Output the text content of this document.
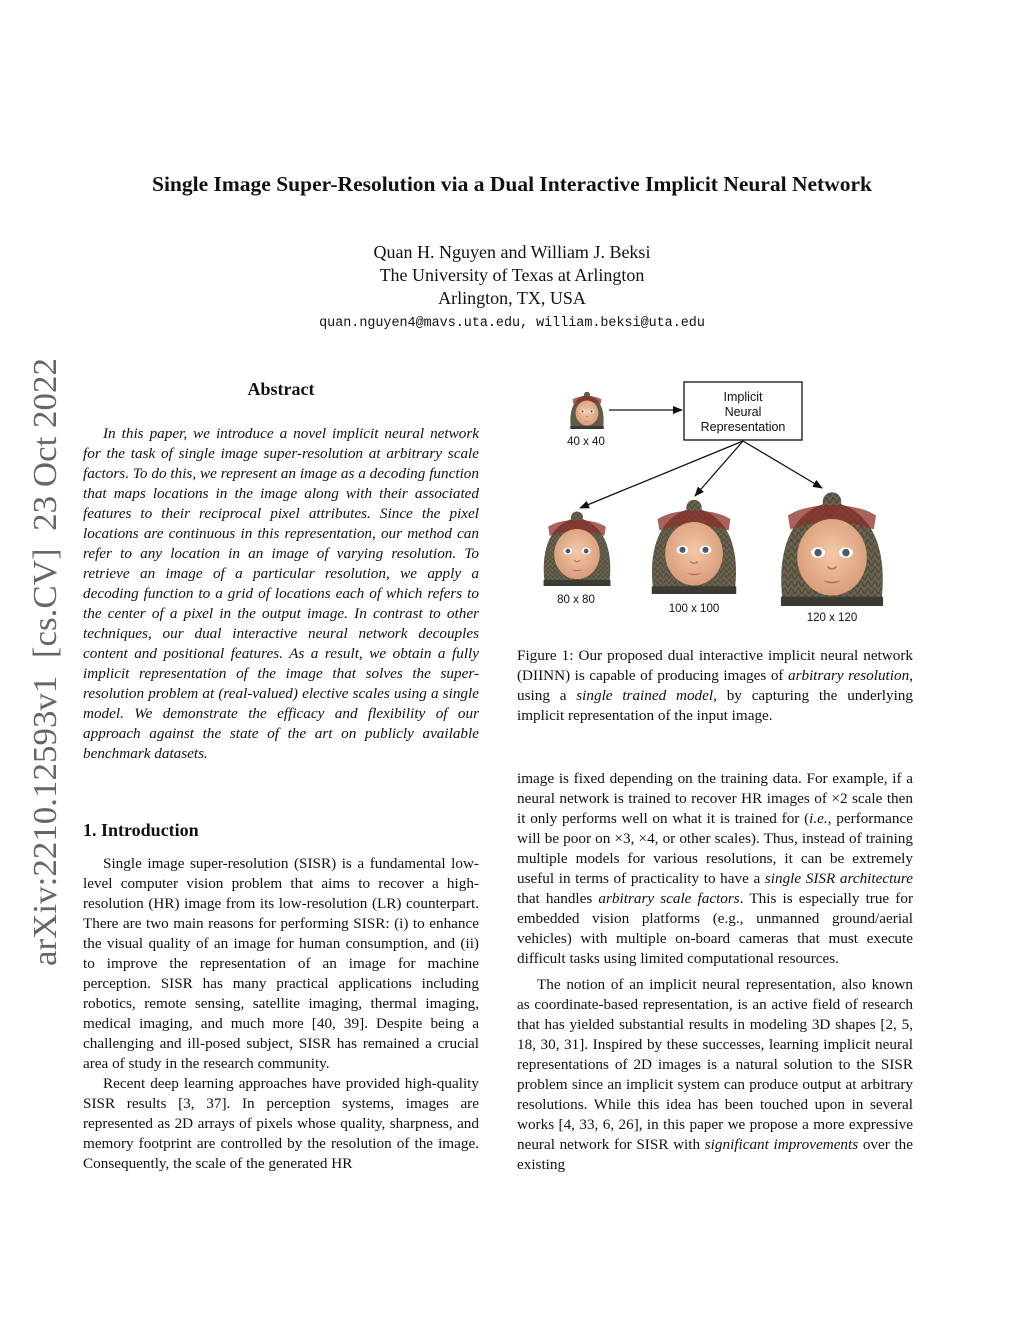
Single Image Super-Resolution via a Dual Interactive Implicit Neural Network
Quan H. Nguyen and William J. Beksi
The University of Texas at Arlington
Arlington, TX, USA
quan.nguyen4@mavs.uta.edu, william.beksi@uta.edu
arXiv:2210.12593v1  [cs.CV]  23 Oct 2022	Abstract
In this paper, we introduce a novel implicit neural network for the task of single image super-resolution at arbitrary scale factors. To do this, we represent an image as a decoding function that maps locations in the image along with their associated features to their reciprocal pixel attributes. Since the pixel locations are continuous in this representation, our method can refer to any location in an image of varying resolution. To retrieve an image of a particular resolution, we apply a decoding function to a grid of locations each of which refers to the center of a pixel in the output image. In contrast to other techniques, our dual interactive neural network decouples content and positional features. As a result, we obtain a fully implicit representation of the image that solves the super-resolution problem at (real-valued) elective scales using a single model. We demonstrate the efficacy and flexibility of our approach against the state of the art on publicly available benchmark datasets.
1. Introduction

Single image super-resolution (SISR) is a fundamental low-level computer vision problem that aims to recover a high-resolution (HR) image from its low-resolution (LR) counterpart. There are two main reasons for performing SISR: (i) to enhance the visual quality of an image for human consumption, and (ii) to improve the representation of an image for machine perception. SISR has many practical applications including robotics, remote sensing, satellite imaging, thermal imaging, medical imaging, and much more [40, 39]. Despite being a challenging and ill-posed subject, SISR has remained a crucial area of study in the research community.

Recent deep learning approaches have provided high-quality SISR results [3, 37]. In perception systems, images are represented as 2D arrays of pixels whose quality, sharpness, and memory footprint are controlled by the resolution of the image. Consequently, the scale of the generated HR

40 x 40
Implicit
Neural
Representation
80 x 80
100 x 100
120 x 120
Figure 1: Our proposed dual interactive implicit neural network (DIINN) is capable of producing images of arbitrary resolution, using a single trained model, by capturing the underlying implicit representation of the input image.

image is fixed depending on the training data. For example, if a neural network is trained to recover HR images of ×2 scale then it only performs well on what it is trained for (i.e., performance will be poor on ×3, ×4, or other scales). Thus, instead of training multiple models for various resolutions, it can be extremely useful in terms of practicality to have a single SISR architecture that handles arbitrary scale factors. This is especially true for embedded vision platforms (e.g., unmanned ground/aerial vehicles) with multiple on-board cameras that must execute difficult tasks using limited computational resources.

The notion of an implicit neural representation, also known as coordinate-based representation, is an active field of research that has yielded substantial results in modeling 3D shapes [2, 5, 18, 30, 31]. Inspired by these successes, learning implicit neural representations of 2D images is a natural solution to the SISR problem since an implicit system can produce output at arbitrary resolutions. While this idea has been touched upon in several works [4, 33, 6, 26], in this paper we propose a more expressive neural network for SISR with significant improvements over the existing
